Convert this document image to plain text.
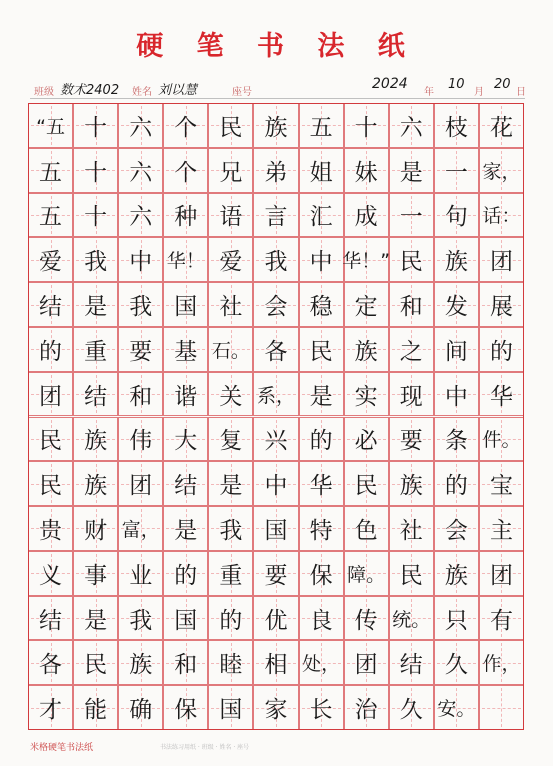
硬 笔 书 法 纸
班级 数术2402 姓名 刘以慧	座号
2024
年
10
月
20
日
“五 十 六 个 民 族 五 十 六 枝 花
五 十 六 个 兄 弟 姐 妹 是 一 家，
五 十 六 种 语 言 汇 成 一 句 话：
爱 我 中 华！ 爱 我 中 华！” 民 族 团
结 是 我 国 社 会 稳 定 和 发 展
的 重 要 基 石。 各 民 族 之 间 的
团 结 和 谐 关 系， 是 实 现 中 华
民 族 伟 大 复 兴 的 必 要 条 件。
民 族 团 结 是 中 华 民 族 的 宝
贵 财 富， 是 我 国 特 色 社 会 主
义 事 业 的 重 要 保 障。 民 族 团
结 是 我 国 的 优 良 传 统。 只 有
各 民 族 和 睦 相 处， 团 结 久 作，
才 能 确 保 国 家 长 治 久 安。
米格硬笔书法纸	书法练习用纸 · 班级 · 姓名 · 座号
